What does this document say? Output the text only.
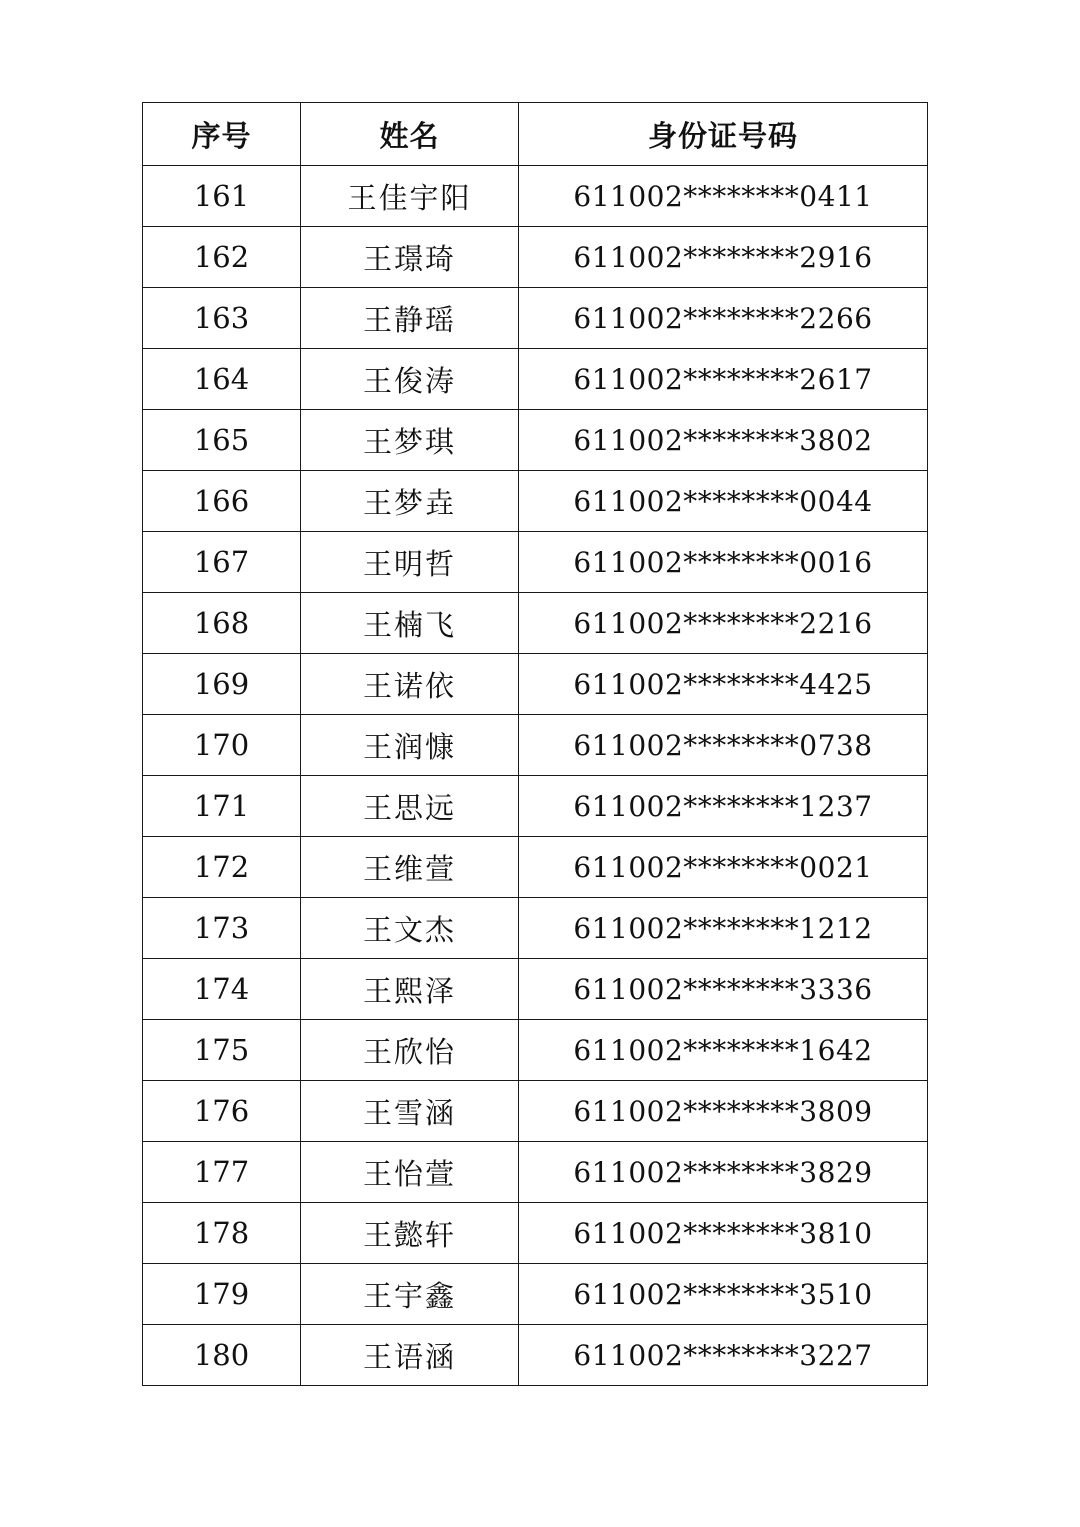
序号	姓名	身份证号码
161	王佳宇阳	611002********0411
162	王璟琦	611002********2916
163	王静瑶	611002********2266
164	王俊涛	611002********2617
165	王梦琪	611002********3802
166	王梦垚	611002********0044
167	王明哲	611002********0016
168	王楠飞	611002********2216
169	王诺依	611002********4425
170	王润慷	611002********0738
171	王思远	611002********1237
172	王维萱	611002********0021
173	王文杰	611002********1212
174	王熙泽	611002********3336
175	王欣怡	611002********1642
176	王雪涵	611002********3809
177	王怡萱	611002********3829
178	王懿轩	611002********3810
179	王宇鑫	611002********3510
180	王语涵	611002********3227
